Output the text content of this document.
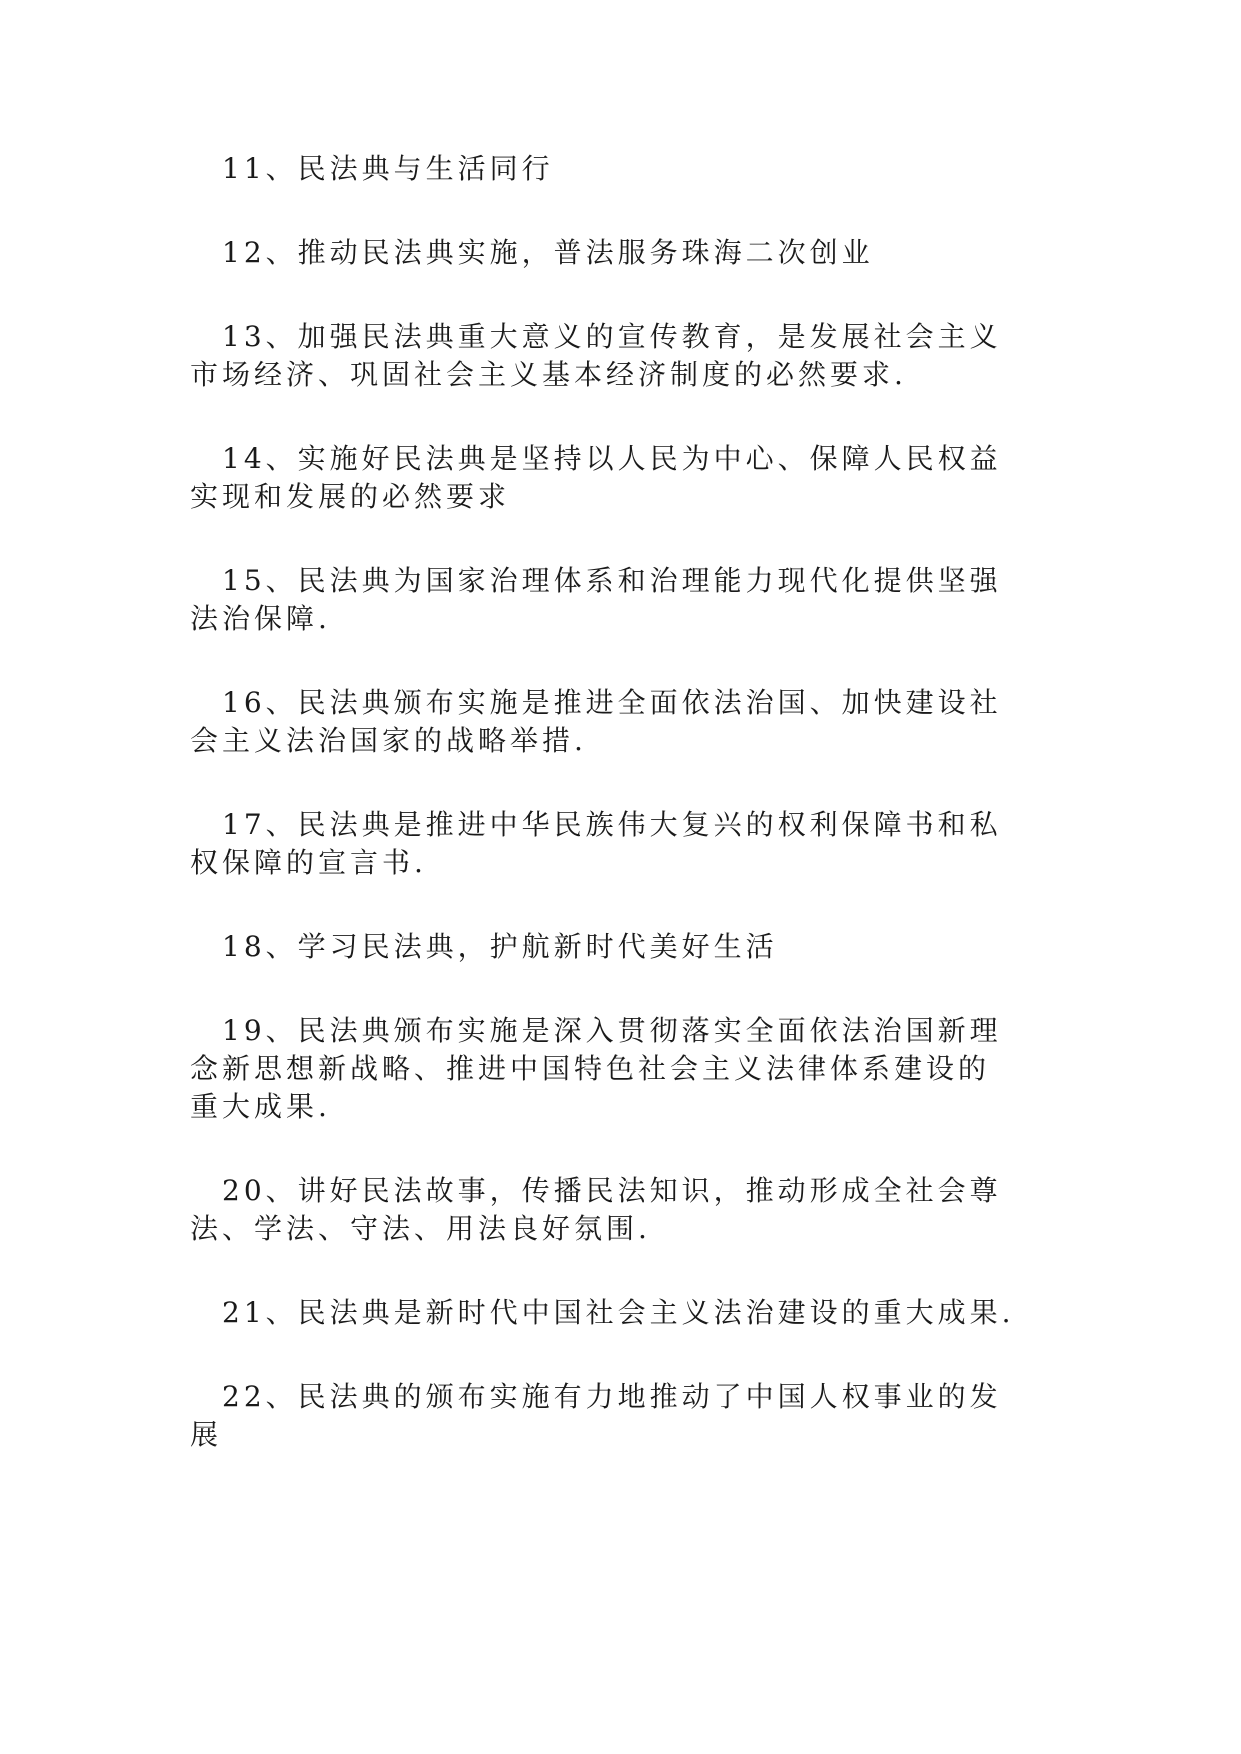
11、民法典与生活同行

12、推动民法典实施，普法服务珠海二次创业

13、加强民法典重大意义的宣传教育，是发展社会主义
市场经济、巩固社会主义基本经济制度的必然要求.

14、实施好民法典是坚持以人民为中心、保障人民权益
实现和发展的必然要求

15、民法典为国家治理体系和治理能力现代化提供坚强
法治保障.

16、民法典颁布实施是推进全面依法治国、加快建设社
会主义法治国家的战略举措.

17、民法典是推进中华民族伟大复兴的权利保障书和私
权保障的宣言书.

18、学习民法典，护航新时代美好生活

19、民法典颁布实施是深入贯彻落实全面依法治国新理
念新思想新战略、推进中国特色社会主义法律体系建设的
重大成果.

20、讲好民法故事，传播民法知识，推动形成全社会尊
法、学法、守法、用法良好氛围.

21、民法典是新时代中国社会主义法治建设的重大成果.

22、民法典的颁布实施有力地推动了中国人权事业的发
展
